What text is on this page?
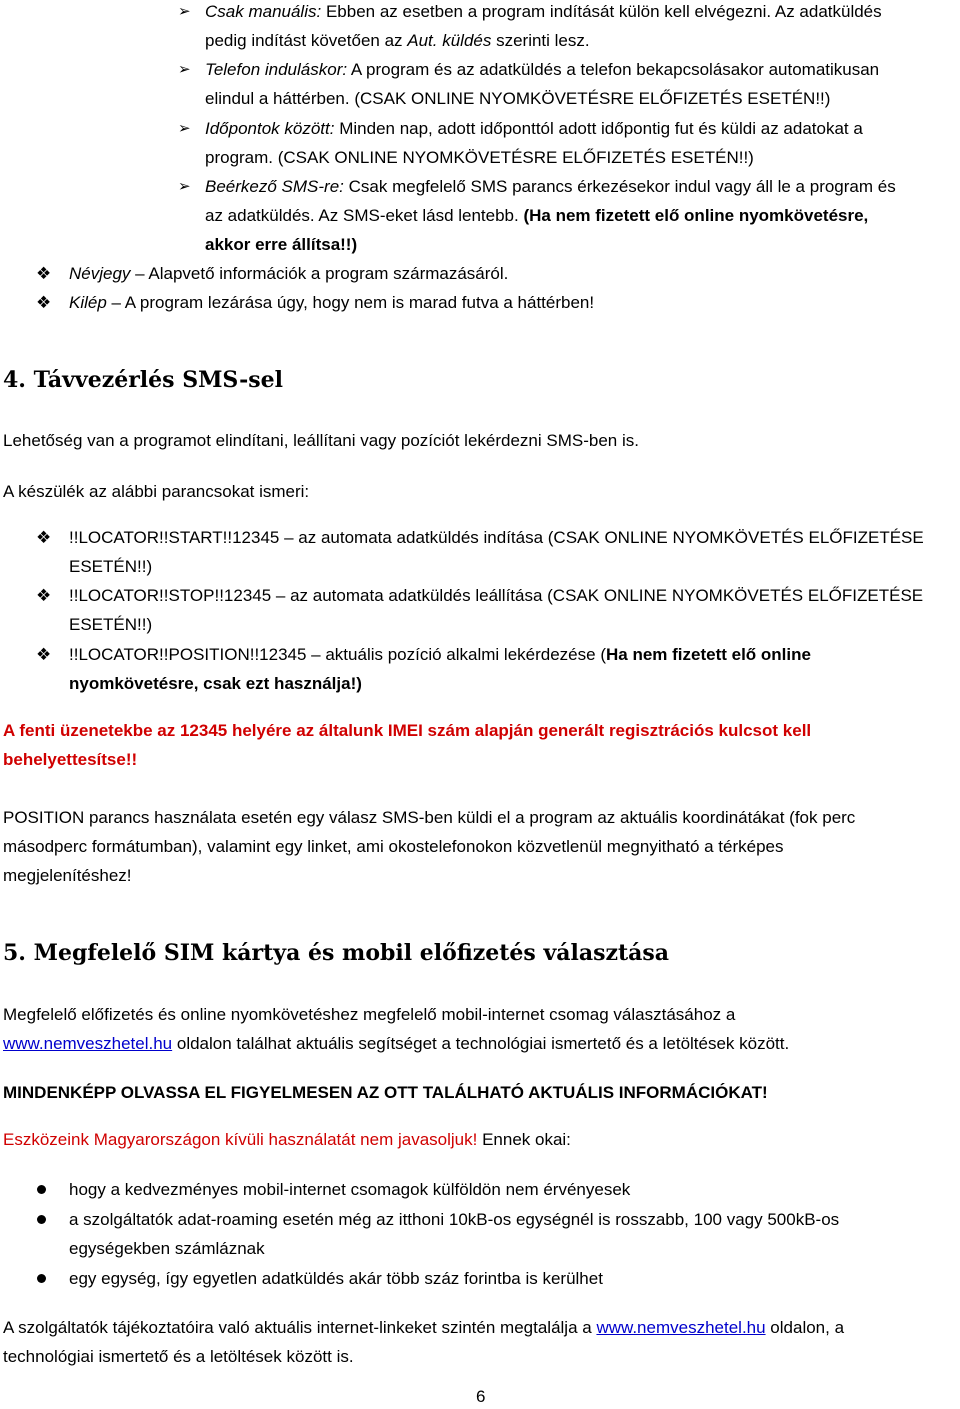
➢ Csak manuális: Ebben az esetben a program indítását külön kell elvégezni. Az adatküldés
pedig indítást követően az Aut. küldés szerinti lesz.

➢ Telefon induláskor: A program és az adatküldés a telefon bekapcsolásakor automatikusan
elindul a háttérben. (CSAK ONLINE NYOMKÖVETÉSRE ELŐFIZETÉS ESETÉN!!)

➢ Időpontok között: Minden nap, adott időponttól adott időpontig fut és küldi az adatokat a
program. (CSAK ONLINE NYOMKÖVETÉSRE ELŐFIZETÉS ESETÉN!!)

➢ Beérkező SMS-re: Csak megfelelő SMS parancs érkezésekor indul vagy áll le a program és
az adatküldés. Az SMS-eket lásd lentebb. (Ha nem fizetett elő online nyomkövetésre,
akkor erre állítsa!!)

❖ Névjegy – Alapvető információk a program származásáról.

❖ Kilép – A program lezárása úgy, hogy nem is marad futva a háttérben!

4. Távvezérlés SMS-sel

Lehetőség van a programot elindítani, leállítani vagy pozíciót lekérdezni SMS-ben is.

A készülék az alábbi parancsokat ismeri:

❖ !!LOCATOR!!START!!12345 – az automata adatküldés indítása (CSAK ONLINE NYOMKÖVETÉS ELŐFIZETÉSE
ESETÉN!!)

❖ !!LOCATOR!!STOP!!12345 – az automata adatküldés leállítása (CSAK ONLINE NYOMKÖVETÉS ELŐFIZETÉSE
ESETÉN!!)

❖ !!LOCATOR!!POSITION!!12345 – aktuális pozíció alkalmi lekérdezése (Ha nem fizetett elő online
nyomkövetésre, csak ezt használja!)

A fenti üzenetekbe az 12345 helyére az általunk IMEI szám alapján generált regisztrációs kulcsot kell
behelyettesítse!!

POSITION parancs használata esetén egy válasz SMS-ben küldi el a program az aktuális koordinátákat (fok perc
másodperc formátumban), valamint egy linket, ami okostelefonokon közvetlenül megnyitható a térképes
megjelenítéshez!

5. Megfelelő SIM kártya és mobil előfizetés választása

Megfelelő előfizetés és online nyomkövetéshez megfelelő mobil-internet csomag választásához a
www.nemveszhetel.hu oldalon találhat aktuális segítséget a technológiai ismertető és a letöltések között.

MINDENKÉPP OLVASSA EL FIGYELMESEN AZ OTT TALÁLHATÓ AKTUÁLIS INFORMÁCIÓKAT!

Eszközeink Magyarországon kívüli használatát nem javasoljuk! Ennek okai:

hogy a kedvezményes mobil-internet csomagok külföldön nem érvényesek

a szolgáltatók adat-roaming esetén még az itthoni 10kB-os egységnél is rosszabb, 100 vagy 500kB-os
egységekben számláznak

egy egység, így egyetlen adatküldés akár több száz forintba is kerülhet

A szolgáltatók tájékoztatóira való aktuális internet-linkeket szintén megtalálja a www.nemveszhetel.hu oldalon, a
technológiai ismertető és a letöltések között is.

6
